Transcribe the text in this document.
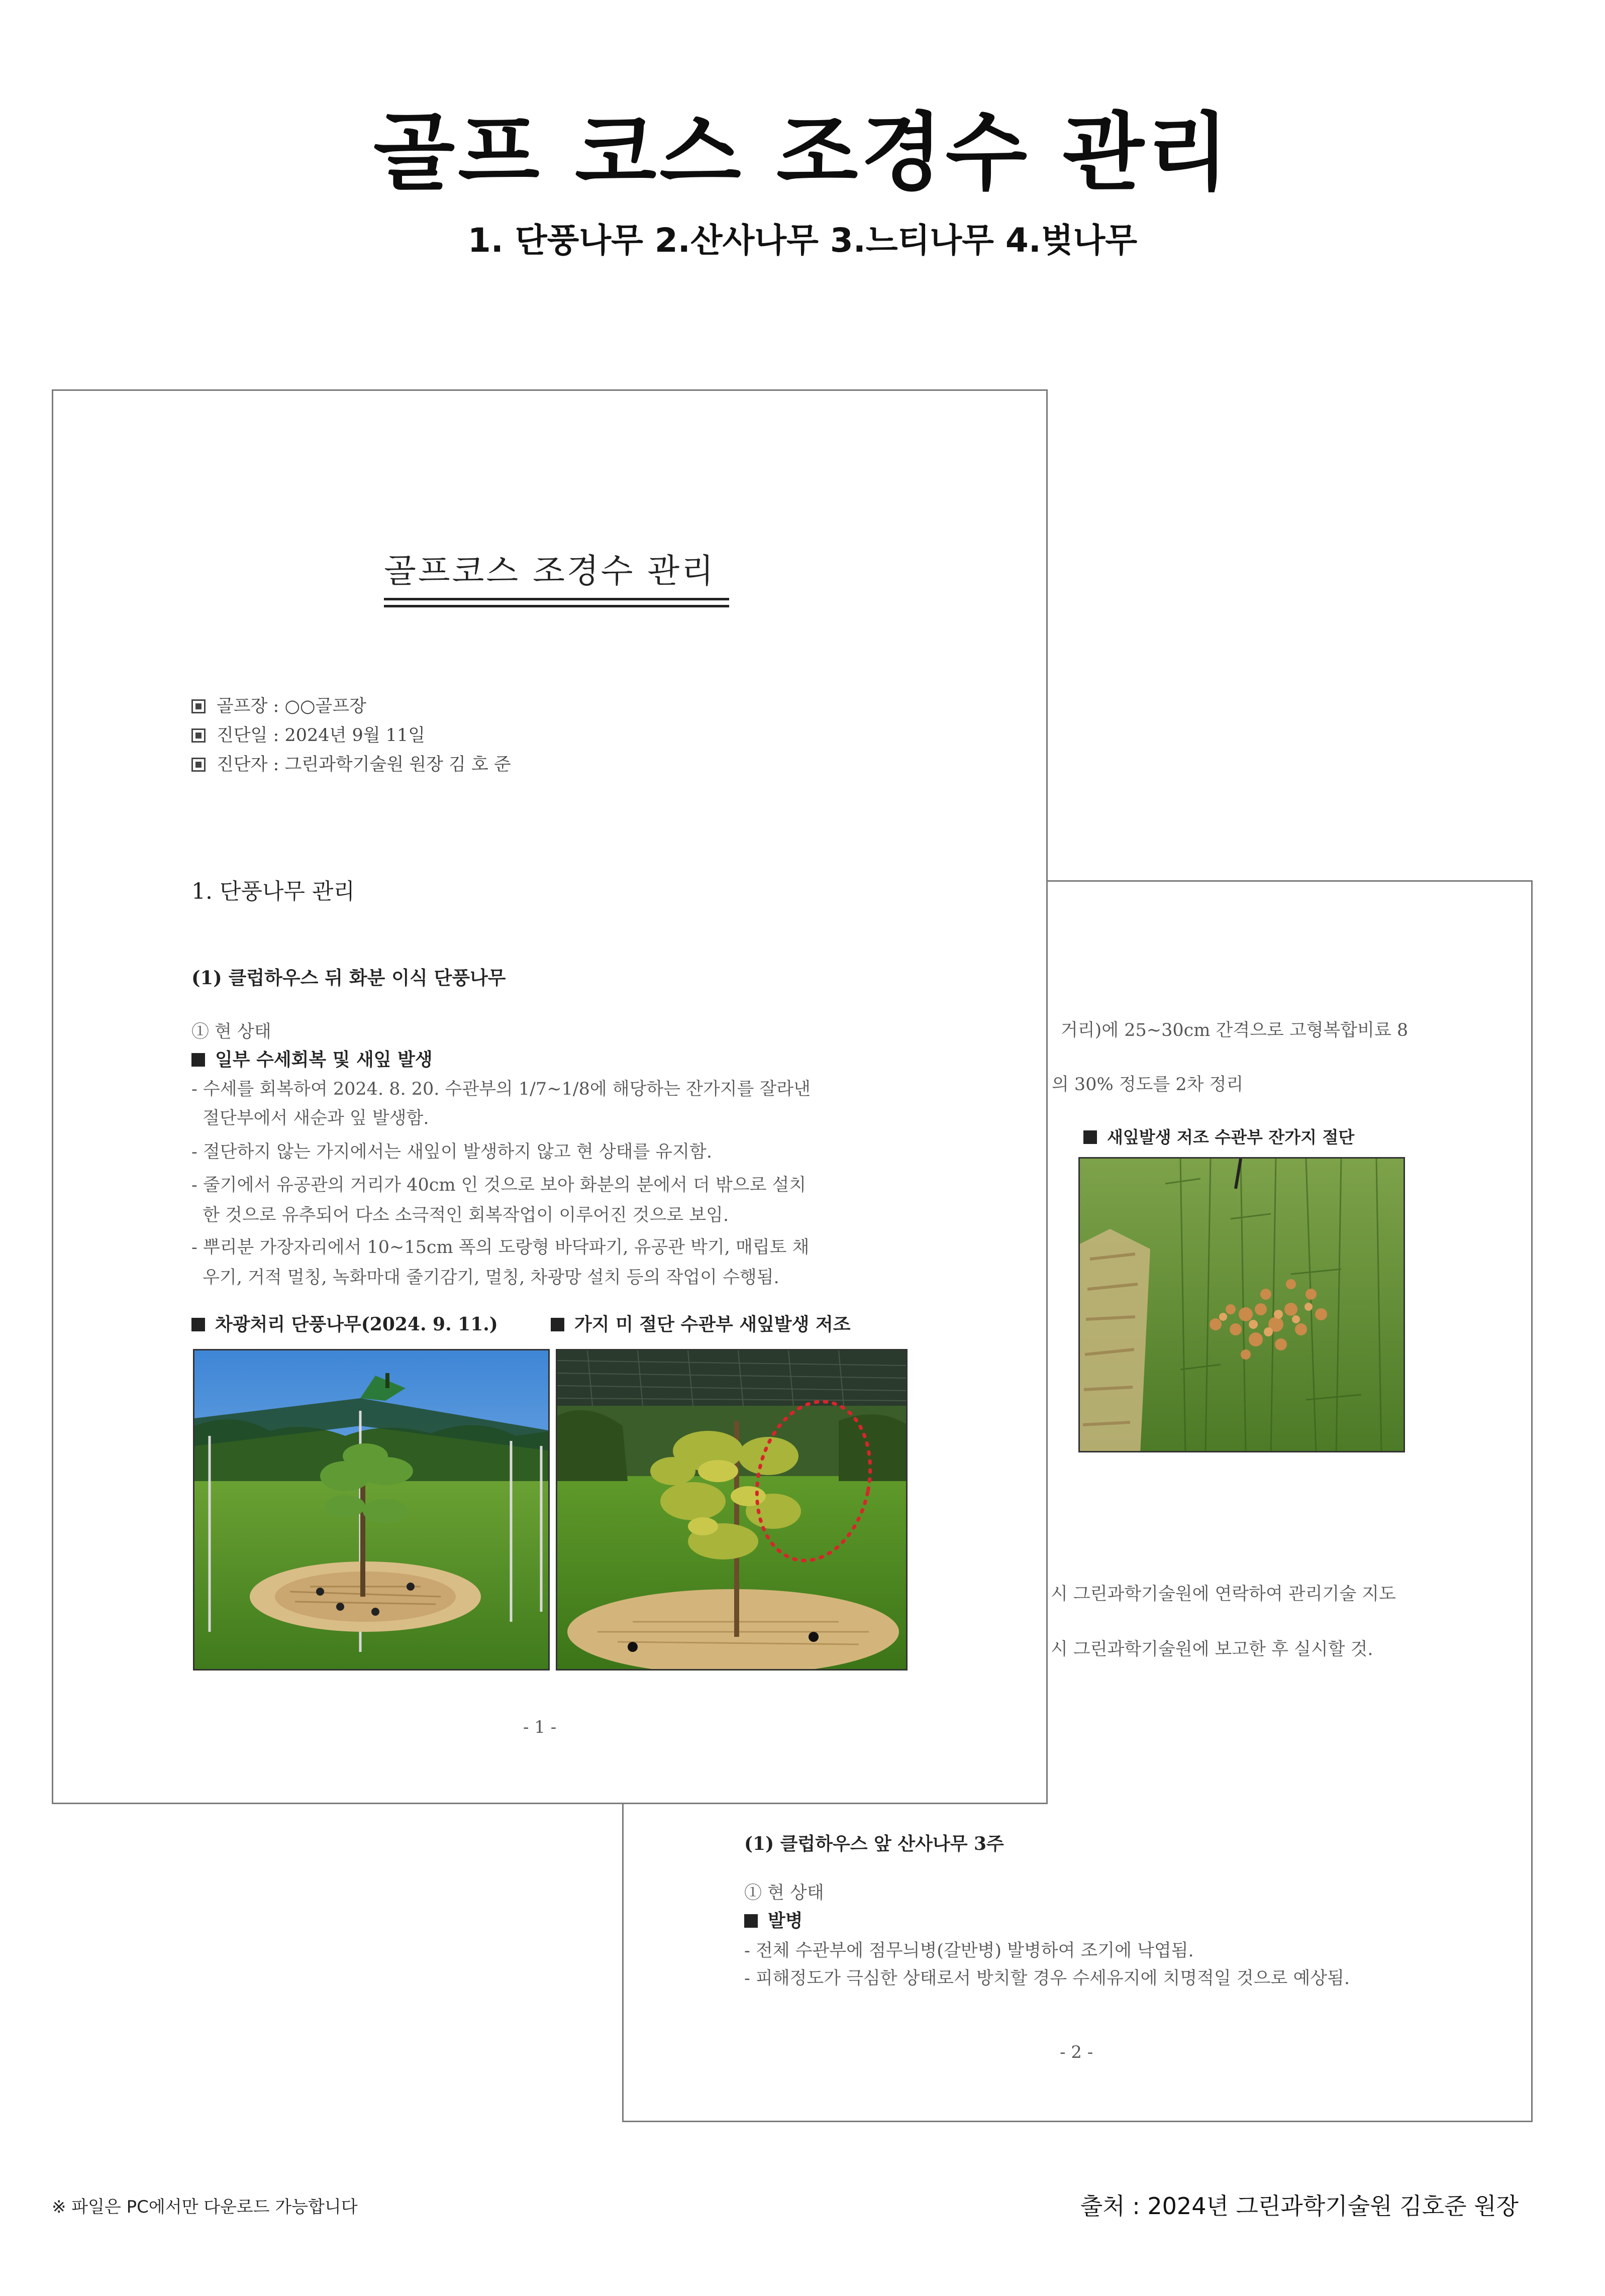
골프 코스 조경수 관리
1. 단풍나무 2.산사나무 3.느티나무 4.벚나무
거리)에 25~30cm 간격으로 고형복합비료 8
의 30% 정도를 2차 정리
새잎발생 저조 수관부 잔가지 절단
시 그린과학기술원에 연락하여 관리기술 지도
시 그린과학기술원에 보고한 후 실시할 것.
(1) 클럽하우스 앞 산사나무 3주
① 현 상태
발병
- 전체 수관부에 점무늬병(갈반병) 발병하여 조기에 낙엽됨.
- 피해정도가 극심한 상태로서 방치할 경우 수세유지에 치명적일 것으로 예상됨.
- 2 -
골프코스 조경수 관리
골프장 : ○○골프장
진단일 : 2024년 9월 11일
진단자 : 그린과학기술원 원장 김 호 준
1. 단풍나무 관리
(1) 클럽하우스 뒤 화분 이식 단풍나무
① 현 상태
일부 수세회복 및 새잎 발생
- 수세를 회복하여 2024. 8. 20. 수관부의 1/7~1/8에 해당하는 잔가지를 잘라낸
절단부에서 새순과 잎 발생함.
- 절단하지 않는 가지에서는 새잎이 발생하지 않고 현 상태를 유지함.
- 줄기에서 유공관의 거리가 40cm 인 것으로 보아 화분의 분에서 더 밖으로 설치
한 것으로 유추되어 다소 소극적인 회복작업이 이루어진 것으로 보임.
- 뿌리분 가장자리에서 10~15cm 폭의 도랑형 바닥파기, 유공관 박기, 매립토 채
우기, 거적 멀칭, 녹화마대 줄기감기, 멀칭, 차광망 설치 등의 작업이 수행됨.
차광처리 단풍나무(2024. 9. 11.)	가지 미 절단 수관부 새잎발생 저조
- 1 -
※ 파일은 PC에서만 다운로드 가능합니다	출처 : 2024년 그린과학기술원 김호준 원장
